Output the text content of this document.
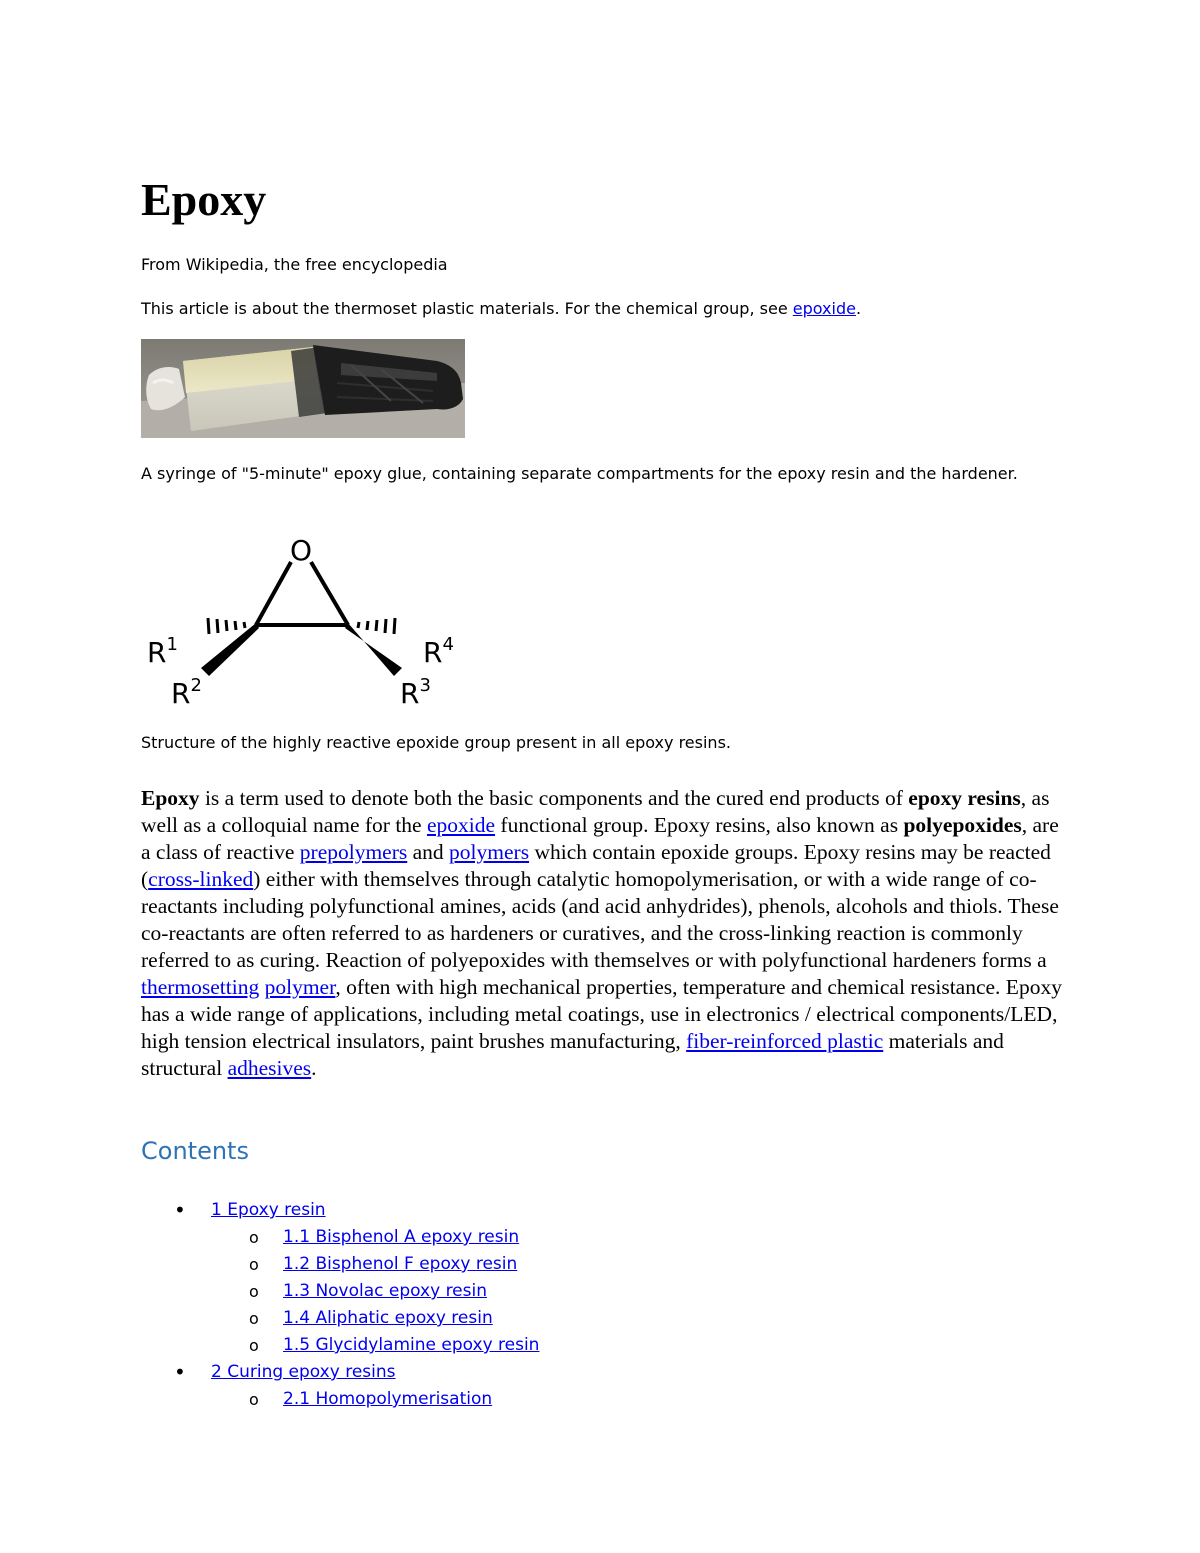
Epoxy

From Wikipedia, the free encyclopedia

This article is about the thermoset plastic materials. For the chemical group, see epoxide.

A syringe of "5-minute" epoxy glue, containing separate compartments for the epoxy resin and the hardener.

O
$R^1$
$R^2$	$R^3$
$R^4$

Structure of the highly reactive epoxide group present in all epoxy resins.

Epoxy is a term used to denote both the basic components and the cured end products of epoxy resins, as well as a colloquial name for the epoxide functional group. Epoxy resins, also known as polyepoxides, are a class of reactive prepolymers and polymers which contain epoxide groups. Epoxy resins may be reacted (cross-linked) either with themselves through catalytic homopolymerisation, or with a wide range of co-reactants including polyfunctional amines, acids (and acid anhydrides), phenols, alcohols and thiols. These co-reactants are often referred to as hardeners or curatives, and the cross-linking reaction is commonly referred to as curing. Reaction of polyepoxides with themselves or with polyfunctional hardeners forms a thermosetting polymer, often with high mechanical properties, temperature and chemical resistance. Epoxy has a wide range of applications, including metal coatings, use in electronics / electrical components/LED, high tension electrical insulators, paint brushes manufacturing, fiber-reinforced plastic materials and structural adhesives.

Contents
• 1 Epoxy resin
o 1.1 Bisphenol A epoxy resin
o 1.2 Bisphenol F epoxy resin
o 1.3 Novolac epoxy resin
o 1.4 Aliphatic epoxy resin
o 1.5 Glycidylamine epoxy resin
• 2 Curing epoxy resins
o 2.1 Homopolymerisation
